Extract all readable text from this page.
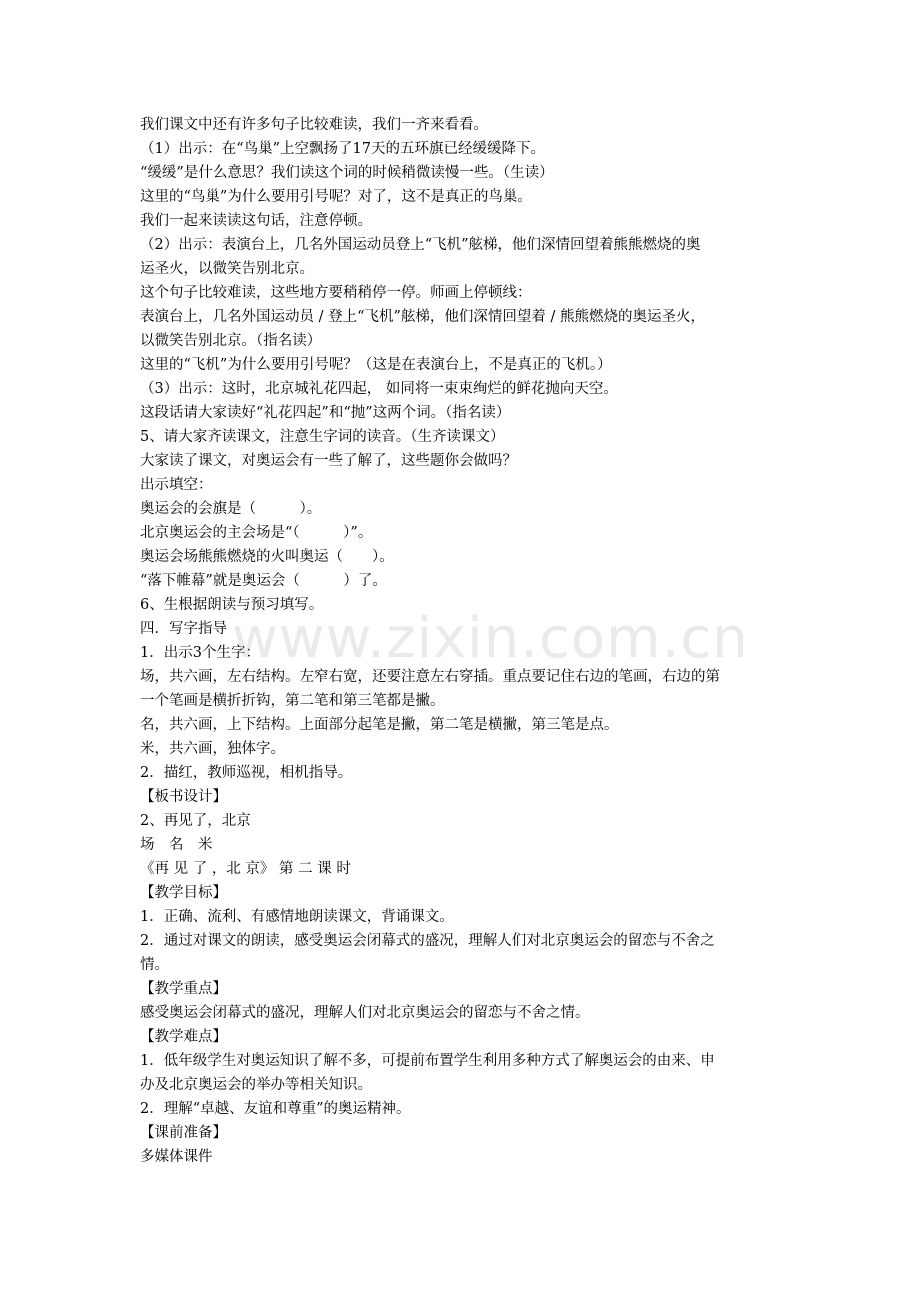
我们课文中还有许多句子比较难读，我们一齐来看看。
（1）出示：在“鸟巢”上空飘扬了17天的五环旗已经缓缓降下。
“缓缓”是什么意思？我们读这个词的时候稍微读慢一些。（生读）
这里的“鸟巢”为什么要用引号呢？对了，这不是真正的鸟巢。
我们一起来读读这句话，注意停顿。
（2）出示：表演台上，几名外国运动员登上“飞机”舷梯，他们深情回望着熊熊燃烧的奥
运圣火，以微笑告别北京。
这个句子比较难读，这些地方要稍稍停一停。师画上停顿线：
表演台上，几名外国运动员 / 登上“飞机”舷梯，他们深情回望着 / 熊熊燃烧的奥运圣火，
以微笑告别北京。（指名读）
这里的“飞机”为什么要用引号呢？（这是在表演台上，不是真正的飞机。）
（3）出示：这时，北京城礼花四起， 如同将一束束绚烂的鲜花抛向天空。
这段话请大家读好“礼花四起”和“抛”这两个词。（指名读）
5、请大家齐读课文，注意生字词的读音。（生齐读课文）
大家读了课文，对奥运会有一些了解了，这些题你会做吗？
出示填空：
奥运会的会旗是（　　　）。
北京奥运会的主会场是“（　　　）”。
奥运会场熊熊燃烧的火叫奥运（　　）。
“落下帷幕”就是奥运会（　　　）了。
6、生根据朗读与预习填写。
四．写字指导
1．出示3个生字：
场，共六画，左右结构。左窄右宽，还要注意左右穿插。重点要记住右边的笔画，右边的第
一个笔画是横折折钩，第二笔和第三笔都是撇。
名，共六画，上下结构。上面部分起笔是撇，第二笔是横撇，第三笔是点。
米，共六画，独体字。
2．描红，教师巡视，相机指导。
【板书设计】
2、再见了，北京
场　名　米
《再 见 了 ，北 京》 第 二 课 时
【教学目标】
1．正确、流利、有感情地朗读课文，背诵课文。
2．通过对课文的朗读，感受奥运会闭幕式的盛况，理解人们对北京奥运会的留恋与不舍之
情。
【教学重点】
感受奥运会闭幕式的盛况，理解人们对北京奥运会的留恋与不舍之情。
【教学难点】
1．低年级学生对奥运知识了解不多，可提前布置学生利用多种方式了解奥运会的由来、申
办及北京奥运会的举办等相关知识。
2．理解“卓越、友谊和尊重”的奥运精神。
【课前准备】
多媒体课件
www.zixin.com.cn
